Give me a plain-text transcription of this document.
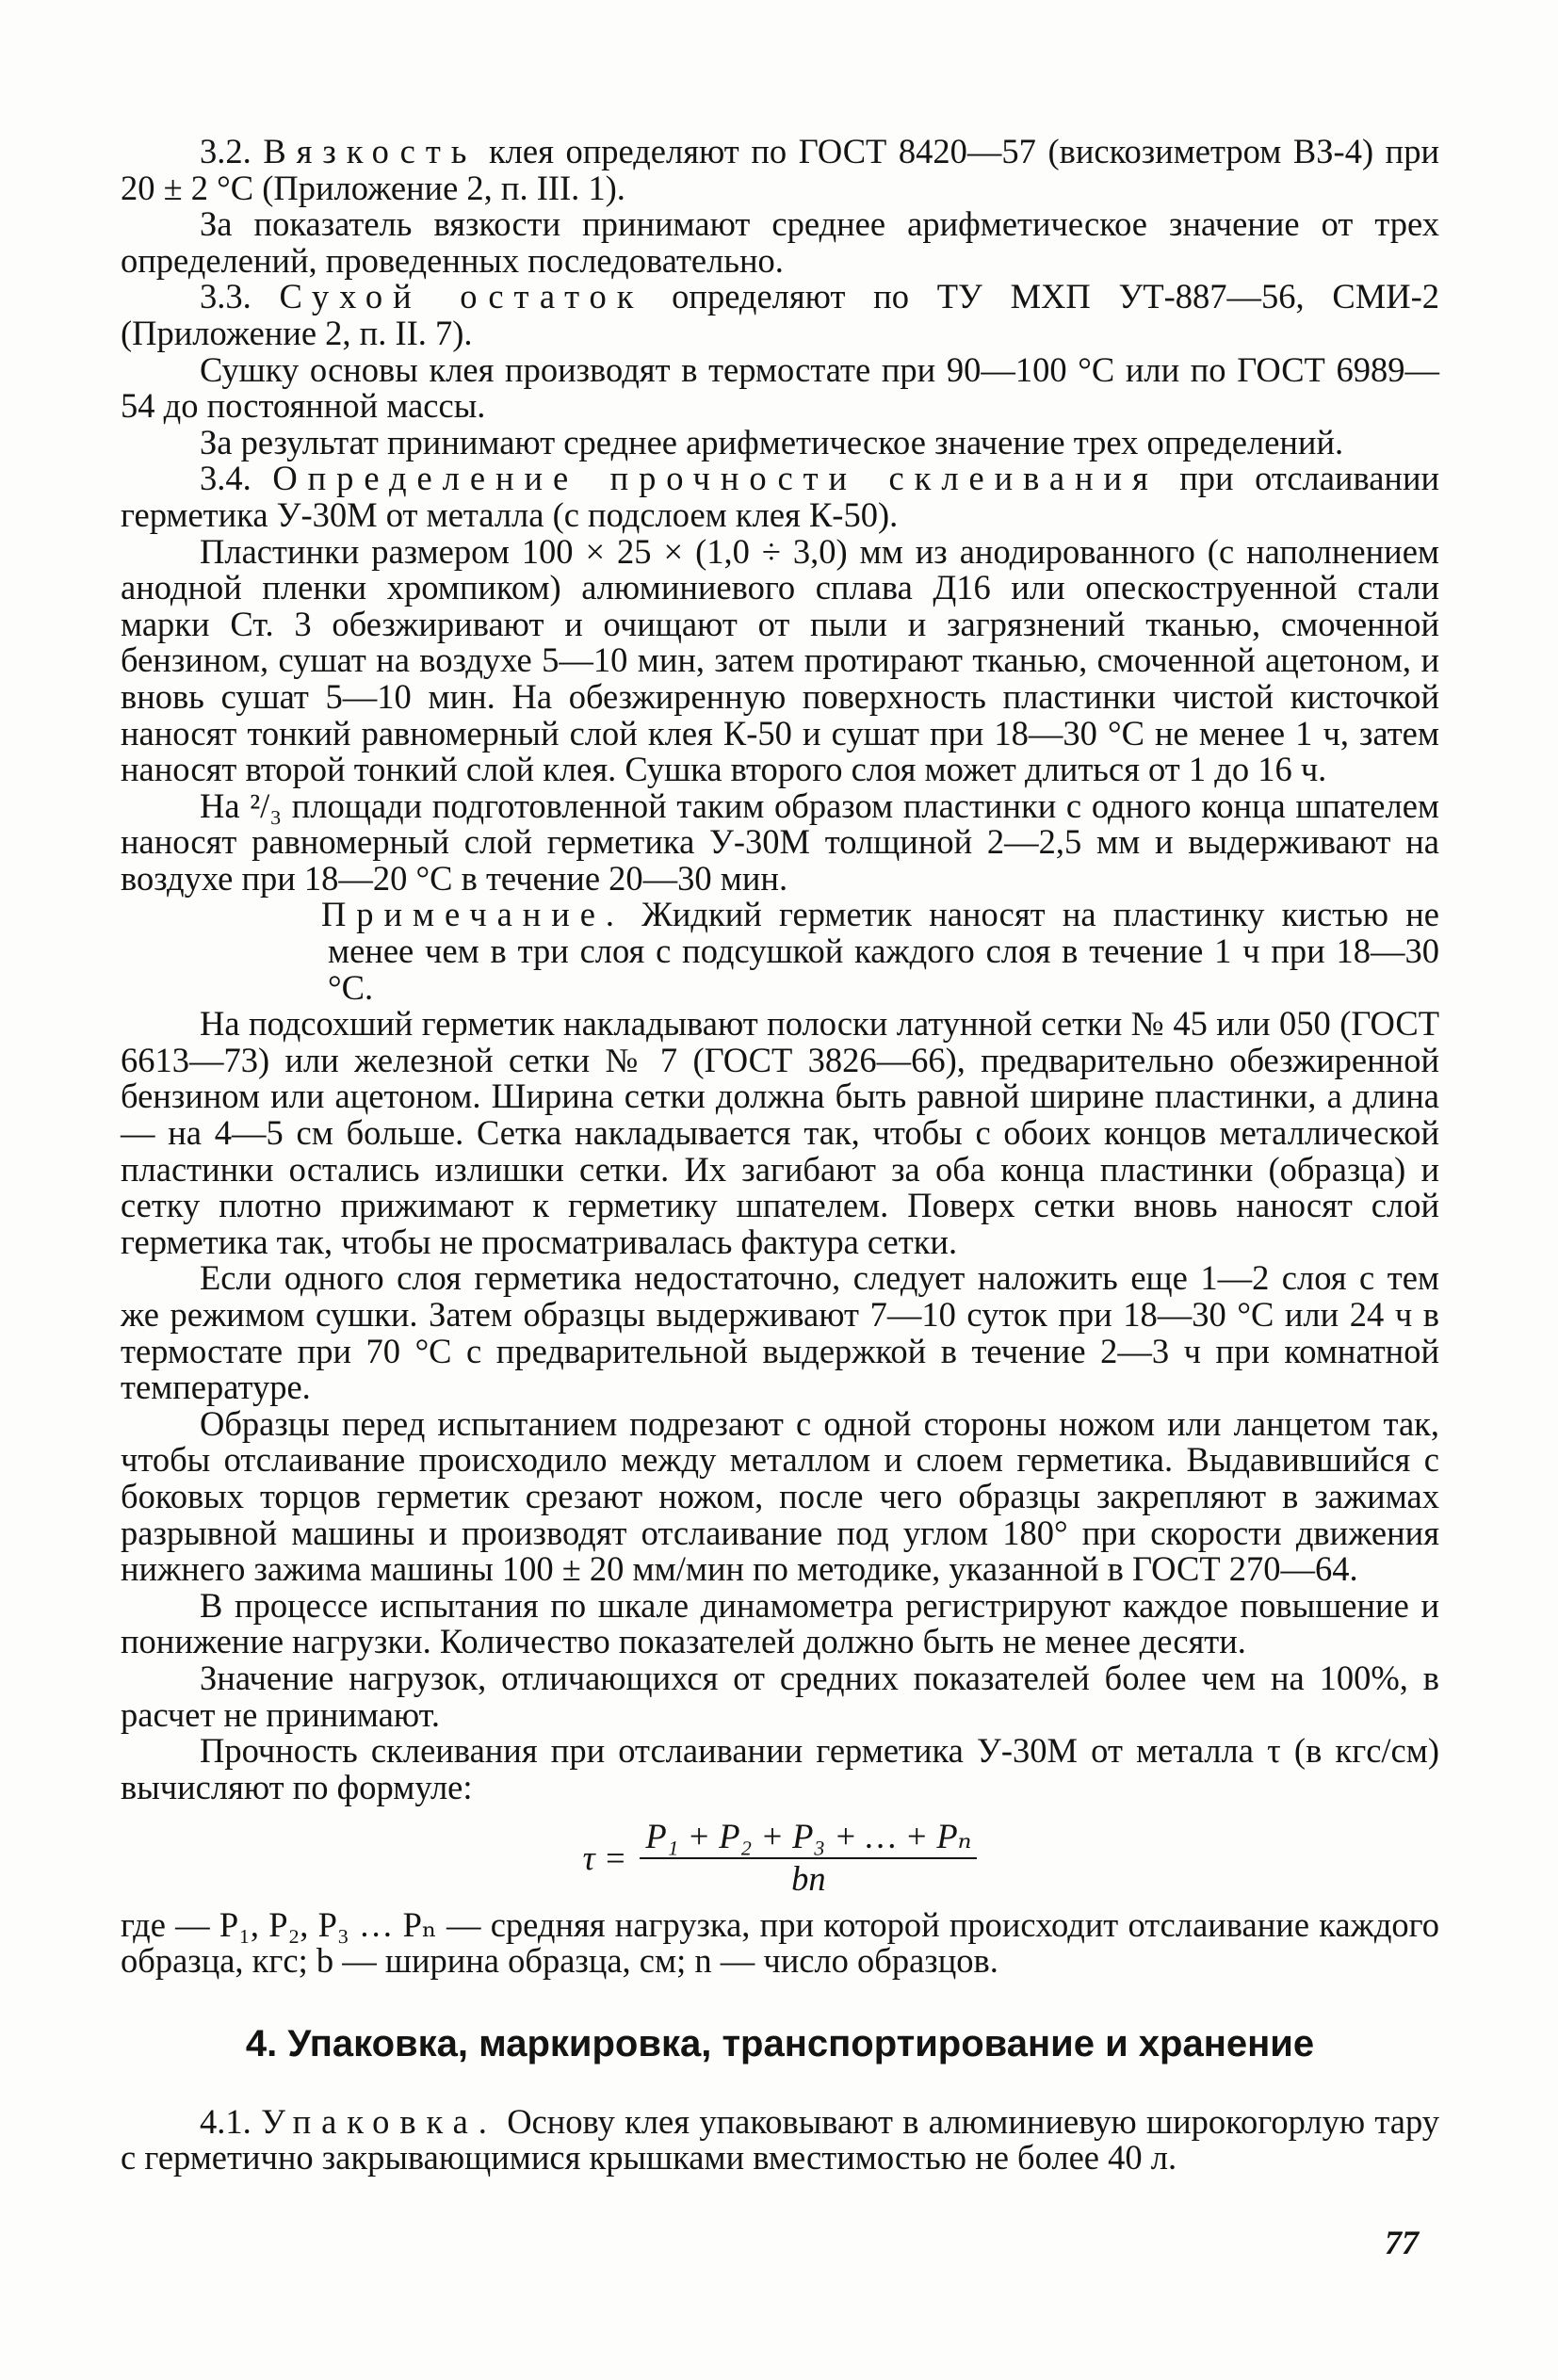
3.2. Вязкость клея определяют по ГОСТ 8420—57 (вискозиметром ВЗ-4) при 20 ± 2 °С (Приложение 2, п. III. 1).

За показатель вязкости принимают среднее арифметическое значение от трех определений, проведенных последовательно.

3.3. Сухой остаток определяют по ТУ МХП УТ-887—56, СМИ-2 (Приложение 2, п. II. 7).

Сушку основы клея производят в термостате при 90—100 °С или по ГОСТ 6989—54 до постоянной массы.

За результат принимают среднее арифметическое значение трех определений.

3.4. Определение прочности склеивания при отслаивании герметика У-30М от металла (с подслоем клея К-50).

Пластинки размером 100 × 25 × (1,0 ÷ 3,0) мм из анодированного (с наполнением анодной пленки хромпиком) алюминиевого сплава Д16 или опескоструенной стали марки Ст. 3 обезжиривают и очищают от пыли и загрязнений тканью, смоченной бензином, сушат на воздухе 5—10 мин, затем протирают тканью, смоченной ацетоном, и вновь сушат 5—10 мин. На обезжиренную поверхность пластинки чистой кисточкой наносят тонкий равномерный слой клея К-50 и сушат при 18—30 °С не менее 1 ч, затем наносят второй тонкий слой клея. Сушка второго слоя может длиться от 1 до 16 ч.

На ²/₃ площади подготовленной таким образом пластинки с одного конца шпателем наносят равномерный слой герметика У-30М толщиной 2—2,5 мм и выдерживают на воздухе при 18—20 °С в течение 20—30 мин.

Примечание. Жидкий герметик наносят на пластинку кистью не менее чем в три слоя с подсушкой каждого слоя в течение 1 ч при 18—30 °С.

На подсохший герметик накладывают полоски латунной сетки № 45 или 050 (ГОСТ 6613—73) или железной сетки № 7 (ГОСТ 3826—66), предварительно обезжиренной бензином или ацетоном. Ширина сетки должна быть равной ширине пластинки, а длина — на 4—5 см больше. Сетка накладывается так, чтобы с обоих концов металлической пластинки остались излишки сетки. Их загибают за оба конца пластинки (образца) и сетку плотно прижимают к герметику шпателем. Поверх сетки вновь наносят слой герметика так, чтобы не просматривалась фактура сетки.

Если одного слоя герметика недостаточно, следует наложить еще 1—2 слоя с тем же режимом сушки. Затем образцы выдерживают 7—10 суток при 18—30 °С или 24 ч в термостате при 70 °С с предварительной выдержкой в течение 2—3 ч при комнатной температуре.

Образцы перед испытанием подрезают с одной стороны ножом или ланцетом так, чтобы отслаивание происходило между металлом и слоем герметика. Выдавившийся с боковых торцов герметик срезают ножом, после чего образцы закрепляют в зажимах разрывной машины и производят отслаивание под углом 180° при скорости движения нижнего зажима машины 100 ± 20 мм/мин по методике, указанной в ГОСТ 270—64.

В процессе испытания по шкале динамометра регистрируют каждое повышение и понижение нагрузки. Количество показателей должно быть не менее десяти.

Значение нагрузок, отличающихся от средних показателей более чем на 100%, в расчет не принимают.

Прочность склеивания при отслаивании герметика У-30М от металла τ (в кгс/см) вычисляют по формуле:

$\tau = \frac{\text{P₁ + P₂ + P₃ + … + Pₙ}}{bn}$

где — P₁, P₂, P₃ … Pₙ — средняя нагрузка, при которой происходит отслаивание каждого образца, кгс; b — ширина образца, см; n — число образцов.

4. Упаковка, маркировка, транспортирование и хранение

4.1. Упаковка. Основу клея упаковывают в алюминиевую широкогорлую тару с герметично закрывающимися крышками вместимостью не более 40 л.

77
